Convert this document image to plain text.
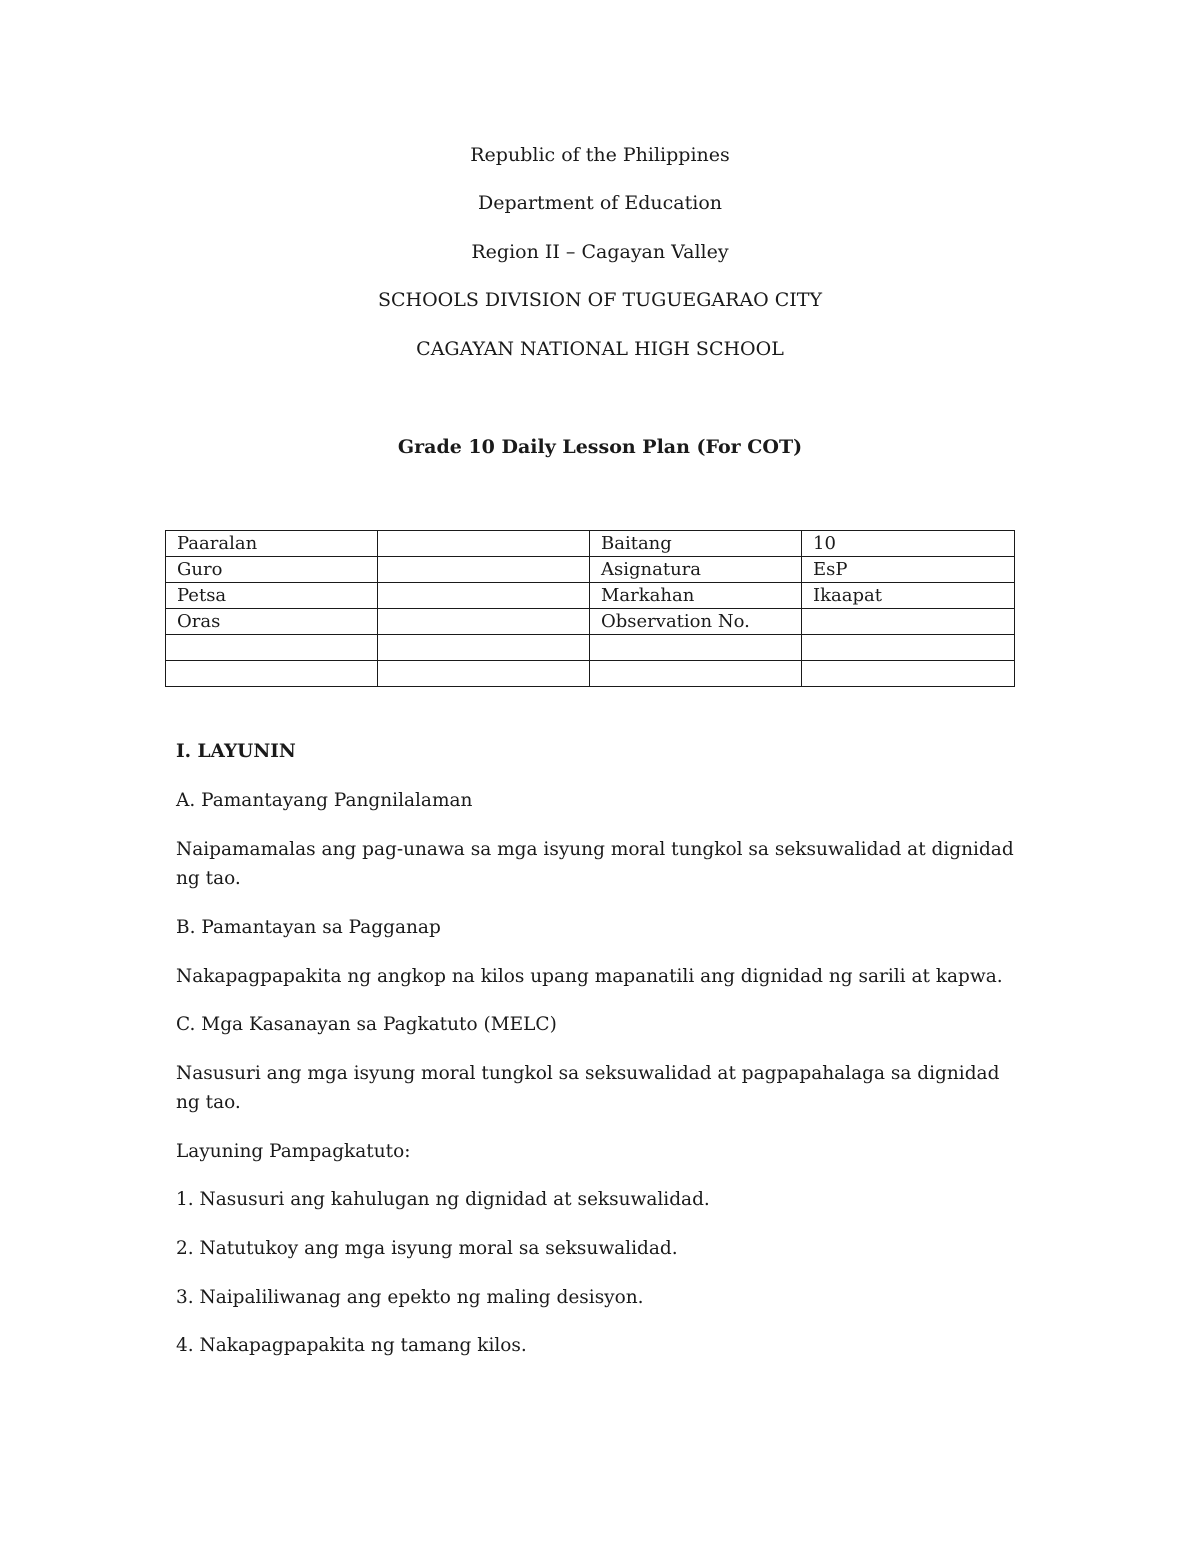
Republic of the Philippines
Department of Education
Region II – Cagayan Valley
SCHOOLS DIVISION OF TUGUEGARAO CITY
CAGAYAN NATIONAL HIGH SCHOOL
Grade 10 Daily Lesson Plan (For COT)
Paaralan		Baitang	10
Guro		Asignatura	EsP
Petsa		Markahan	Ikaapat
Oras		Observation No.	

I. LAYUNIN
A. Pamantayang Pangnilalaman
Naipamamalas ang pag-unawa sa mga isyung moral tungkol sa seksuwalidad at dignidad ng tao.
B. Pamantayan sa Pagganap
Nakapagpapakita ng angkop na kilos upang mapanatili ang dignidad ng sarili at kapwa.
C. Mga Kasanayan sa Pagkatuto (MELC)
Nasusuri ang mga isyung moral tungkol sa seksuwalidad at pagpapahalaga sa dignidad ng tao.
Layuning Pampagkatuto:
1. Nasusuri ang kahulugan ng dignidad at seksuwalidad.
2. Natutukoy ang mga isyung moral sa seksuwalidad.
3. Naipaliliwanag ang epekto ng maling desisyon.
4. Nakapagpapakita ng tamang kilos.
